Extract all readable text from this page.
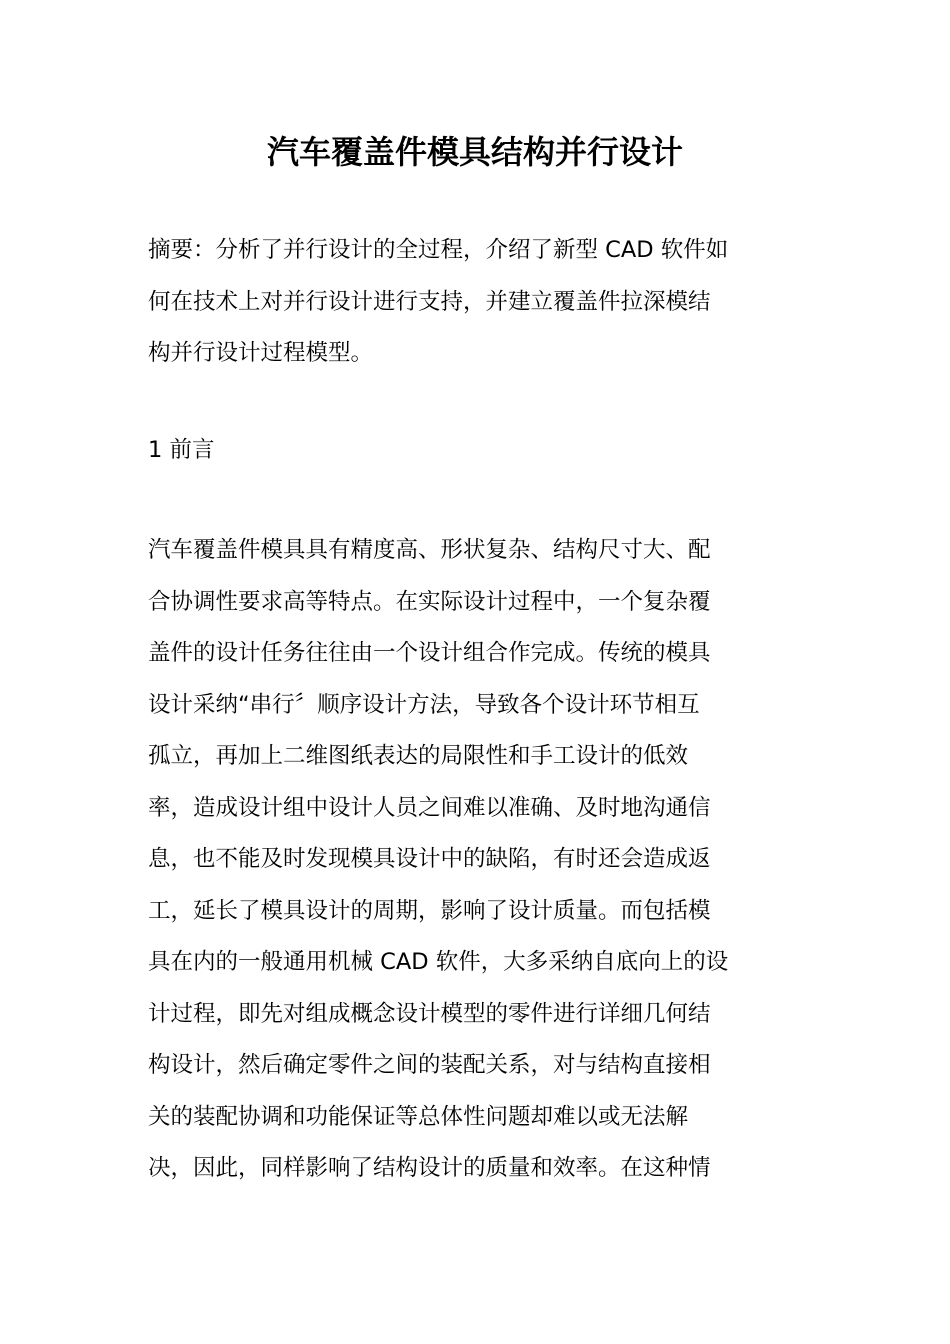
汽车覆盖件模具结构并行设计
摘要：分析了并行设计的全过程，介绍了新型 CAD 软件如
何在技术上对并行设计进行支持，并建立覆盖件拉深模结
构并行设计过程模型。
1 前言
汽车覆盖件模具具有精度高、形状复杂、结构尺寸大、配
合协调性要求高等特点。在实际设计过程中，一个复杂覆
盖件的设计任务往往由一个设计组合作完成。传统的模具
设计采纳“串行〞顺序设计方法，导致各个设计环节相互
孤立，再加上二维图纸表达的局限性和手工设计的低效
率，造成设计组中设计人员之间难以准确、及时地沟通信
息，也不能及时发现模具设计中的缺陷，有时还会造成返
工，延长了模具设计的周期，影响了设计质量。而包括模
具在内的一般通用机械 CAD 软件，大多采纳自底向上的设
计过程，即先对组成概念设计模型的零件进行详细几何结
构设计，然后确定零件之间的装配关系，对与结构直接相
关的装配协调和功能保证等总体性问题却难以或无法解
决，因此，同样影响了结构设计的质量和效率。在这种情
